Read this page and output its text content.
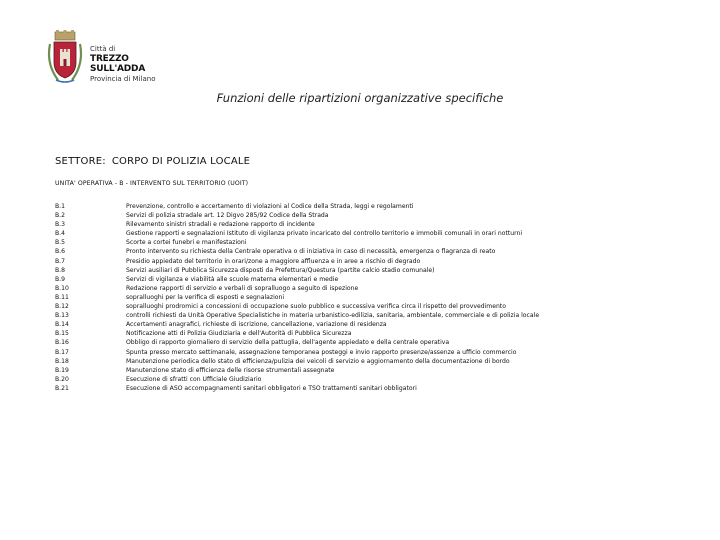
Città di
TREZZO SULL'ADDA
Provincia di Milano
Funzioni delle ripartizioni organizzative specifiche
SETTORE: CORPO DI POLIZIA LOCALE
UNITA' OPERATIVA - B - INTERVENTO SUL TERRITORIO (UOIT)
B.1	Prevenzione, controllo e accertamento di violazioni al Codice della Strada, leggi e regolamenti
B.2	Servizi di polizia stradale art. 12 Digvo 285/92 Codice della Strada
B.3	Rilevamento sinistri stradali e redazione rapporto di incidente
B.4	Gestione rapporti e segnalazioni Istituto di vigilanza privato incaricato del controllo territorio e immobili comunali in orari notturni
B.5	Scorte a cortei funebri e manifestazioni
B.6	Pronto intervento su richiesta della Centrale operativa o di iniziativa in caso di necessità, emergenza o flagranza di reato
B.7	Presidio appiedato del territorio in orari/zone a maggiore affluenza e in aree a rischio di degrado
B.8	Servizi ausiliari di Pubblica Sicurezza disposti da Prefettura/Questura (partite calcio stadio comunale)
B.9	Servizi di vigilanza e viabilità alle scuole materna elementari e medie
B.10	Redazione rapporti di servizio e verbali di sopralluogo a seguito di ispezione
B.11	sopralluoghi per la verifica di esposti e segnalazioni
B.12	sopralluoghi prodromici a concessioni di occupazione suolo pubblico e successiva verifica circa il rispetto del provvedimento
B.13	controlli richiesti da Unità Operative Specialistiche in materia urbanistico-edilizia, sanitaria, ambientale, commerciale e di polizia locale
B.14	Accertamenti anagrafici, richieste di iscrizione, cancellazione, variazione di residenza
B.15	Notificazione atti di Polizia Giudiziaria e dell'Autorità di Pubblica Sicurezza
B.16	Obbligo di rapporto giornaliero di servizio della pattuglia, dell'agente appiedato e della centrale operativa
B.17	Spunta presso mercato settimanale, assegnazione temporanea posteggi e invio rapporto presenze/assenze a ufficio commercio
B.18	Manutenzione periodica dello stato di efficienza/pulizia dei veicoli di servizio e aggiornamento della documentazione di bordo
B.19	Manutenzione stato di efficienza delle risorse strumentali assegnate
B.20	Esecuzione di sfratti con Ufficiale Giudiziario
B.21	Esecuzione di ASO accompagnamenti sanitari obbligatori e TSO trattamenti sanitari obbligatori
